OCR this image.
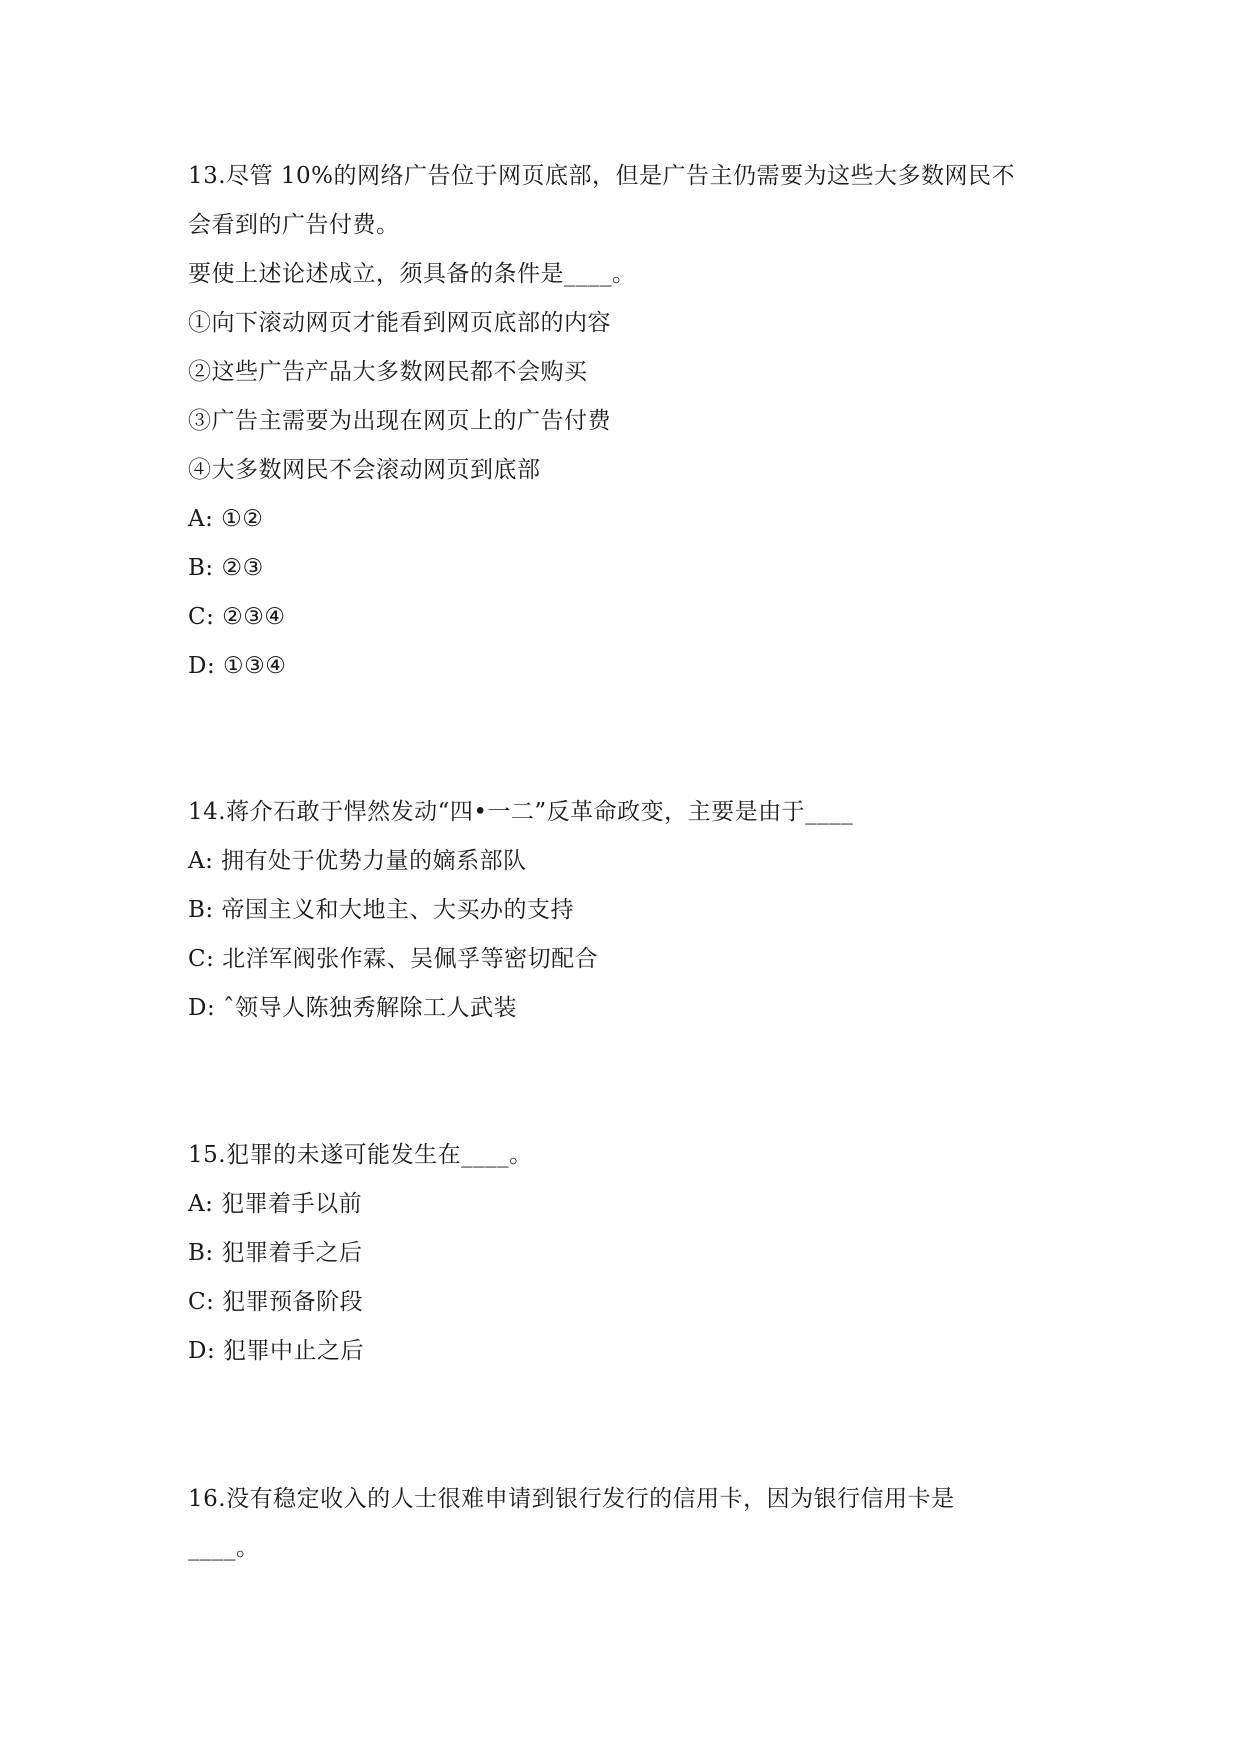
13.尽管 10%的网络广告位于网页底部，但是广告主仍需要为这些大多数网民不
会看到的广告付费。
要使上述论述成立，须具备的条件是____。
①向下滚动网页才能看到网页底部的内容
②这些广告产品大多数网民都不会购买
③广告主需要为出现在网页上的广告付费
④大多数网民不会滚动网页到底部
A: ①②
B: ②③
C: ②③④
D: ①③④
14.蒋介石敢于悍然发动“四•一二”反革命政变，主要是由于____
A: 拥有处于优势力量的嫡系部队
B: 帝国主义和大地主、大买办的支持
C: 北洋军阀张作霖、吴佩孚等密切配合
D: ˆ领导人陈独秀解除工人武装
15.犯罪的未遂可能发生在____。
A: 犯罪着手以前
B: 犯罪着手之后
C: 犯罪预备阶段
D: 犯罪中止之后
16.没有稳定收入的人士很难申请到银行发行的信用卡，因为银行信用卡是
____。
